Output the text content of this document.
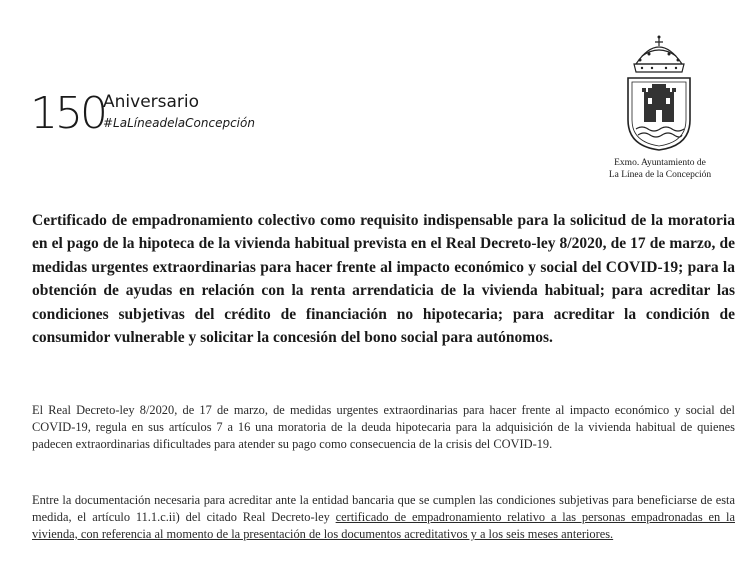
150
Aniversario
#LaLíneadelaConcepción
Exmo. Ayuntamiento de
La Línea de la Concepción

Certificado de empadronamiento colectivo como requisito indispensable para la solicitud de la moratoria en el pago de la hipoteca de la vivienda habitual prevista en el Real Decreto-ley 8/2020, de 17 de marzo, de medidas urgentes extraordinarias para hacer frente al impacto económico y social del COVID-19; para la obtención de ayudas en relación con la renta arrendaticia de la vivienda habitual; para acreditar las condiciones subjetivas del crédito de financiación no hipotecaria; para acreditar la condición de consumidor vulnerable y solicitar la concesión del bono social para autónomos.

El Real Decreto-ley 8/2020, de 17 de marzo, de medidas urgentes extraordinarias para hacer frente al impacto económico y social del COVID-19, regula en sus artículos 7 a 16 una moratoria de la deuda hipotecaria para la adquisición de la vivienda habitual de quienes padecen extraordinarias dificultades para atender su pago como consecuencia de la crisis del COVID-19.

Entre la documentación necesaria para acreditar ante la entidad bancaria que se cumplen las condiciones subjetivas para beneficiarse de esta medida, el artículo 11.1.c.ii) del citado Real Decreto-ley certificado de empadronamiento relativo a las personas empadronadas en la vivienda, con referencia al momento de la presentación de los documentos acreditativos y a los seis meses anteriores.
